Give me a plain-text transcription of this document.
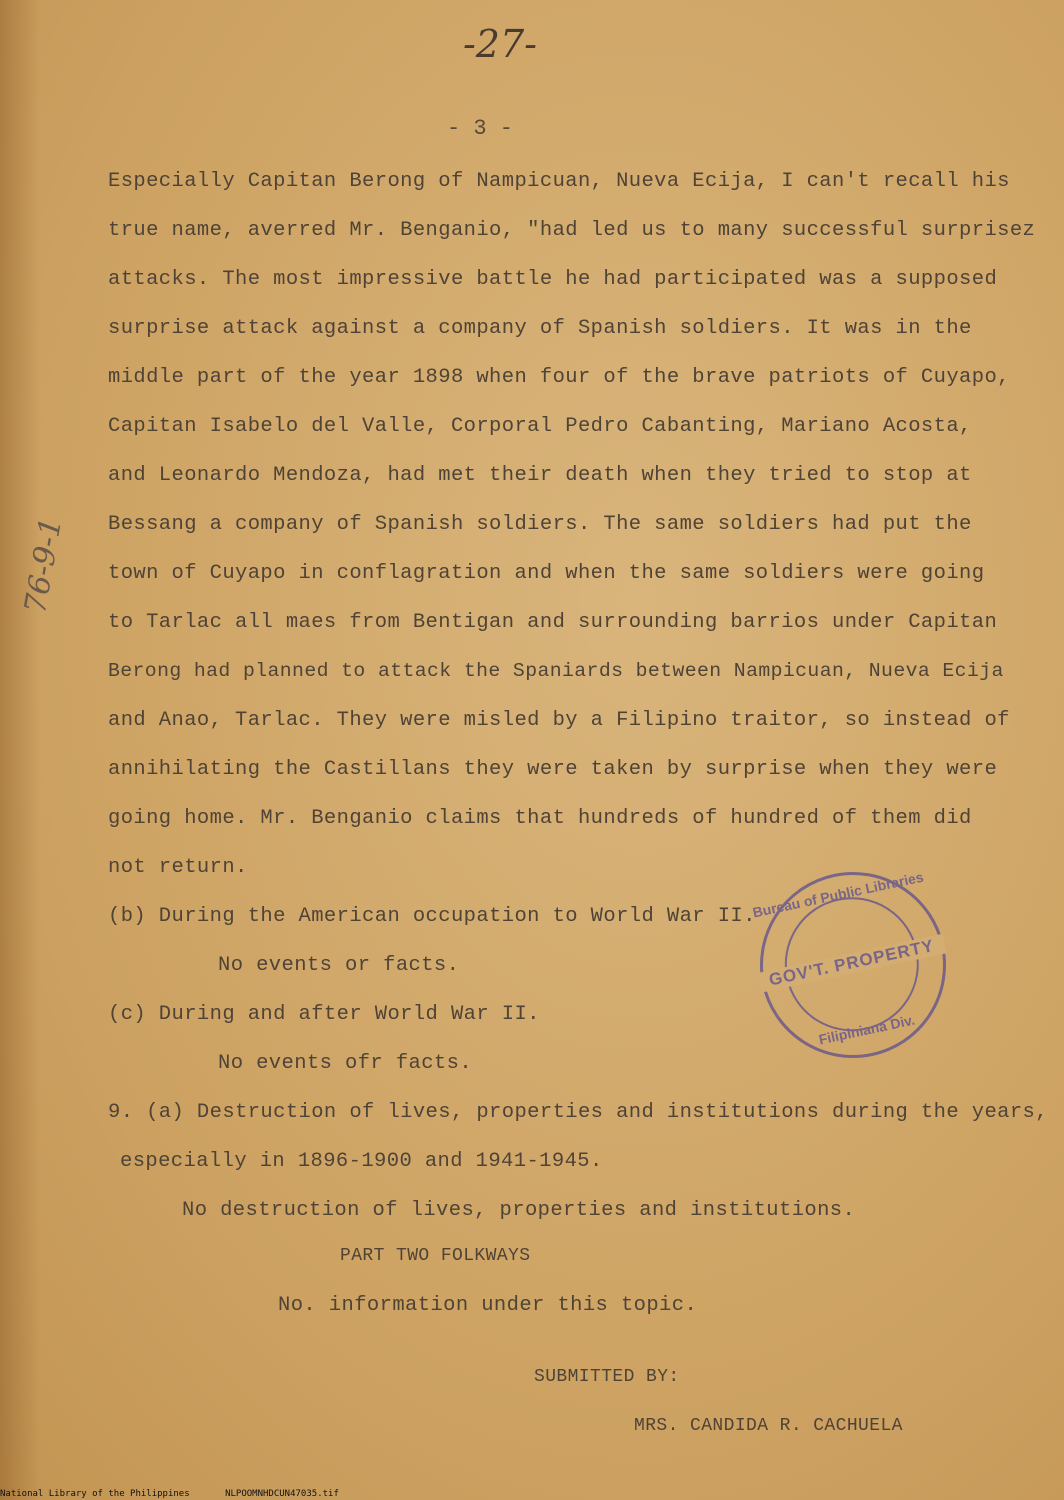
-27-
- 3 -
76-9-1
Especially Capitan Berong of Nampicuan, Nueva Ecija, I can't recall his
true name, averred Mr. Benganio, "had led us to many successful surprisez
attacks. The most impressive battle he had participated was a supposed
surprise attack against a company of Spanish soldiers. It was in the
middle part of the year 1898 when four of the brave patriots of Cuyapo,
Capitan Isabelo del Valle, Corporal Pedro Cabanting, Mariano Acosta,
and Leonardo Mendoza, had met their death when they tried to stop at
Bessang a company of Spanish soldiers. The same soldiers had put the
town of Cuyapo in conflagration and when the same soldiers were going
to Tarlac all maes from Bentigan and surrounding barrios under Capitan
Berong had planned to attack the Spaniards between Nampicuan, Nueva Ecija
and Anao, Tarlac. They were misled by a Filipino traitor, so instead of
annihilating the Castillans they were taken by surprise when they were
going home. Mr. Benganio claims that hundreds of hundred of them did
not return.
(b) During the American occupation to World War II.
No events or facts.
(c) During and after World War II.
No events ofr facts.
9. (a) Destruction of lives, properties and institutions during the years,
especially in 1896-1900 and 1941-1945.
No destruction of lives, properties and institutions.
PART TWO FOLKWAYS
No. information under this topic.
SUBMITTED BY:
MRS. CANDIDA R. CACHUELA
Bureau of Public Libraries
GOV'T. PROPERTY
Filipiniana Div.
National Library of the Philippines	NLPOOMNHDCUN47035.tif
